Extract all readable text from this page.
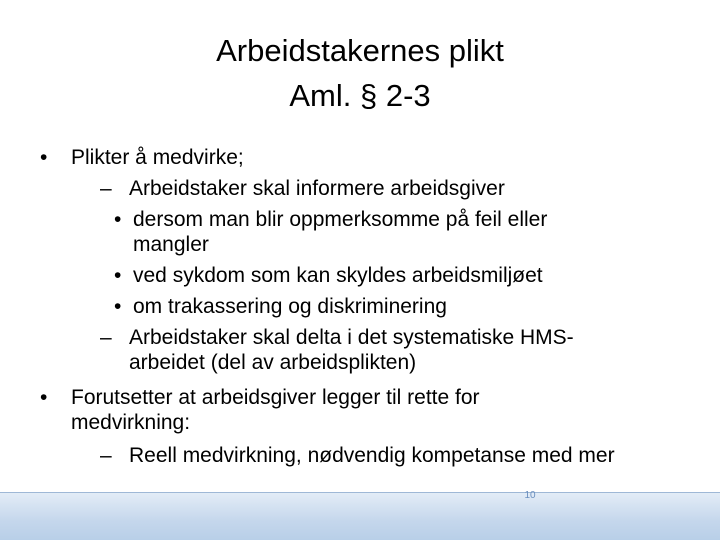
Arbeidstakernes plikt
Aml. § 2-3
• Plikter å medvirke;
– Arbeidstaker skal informere arbeidsgiver
• dersom man blir oppmerksomme på feil eller
mangler
• ved sykdom som kan skyldes arbeidsmiljøet
• om trakassering og diskriminering
– Arbeidstaker skal delta i det systematiske HMS-
arbeidet (del av arbeidsplikten)
• Forutsetter at arbeidsgiver legger til rette for
medvirkning:
– Reell medvirkning, nødvendig kompetanse med mer
10
